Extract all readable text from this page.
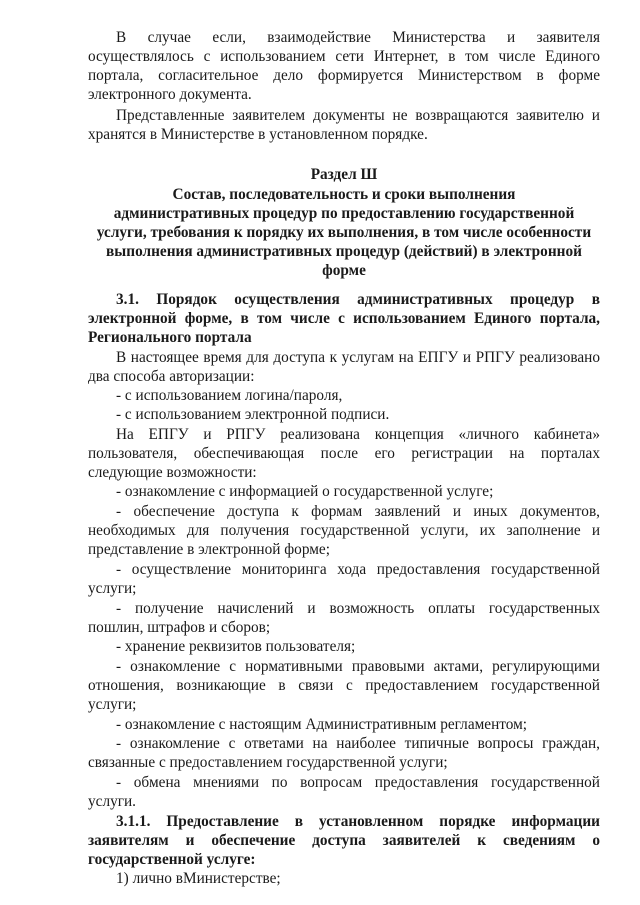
В случае если, взаимодействие Министерства и заявителя

осуществлялось с использованием сети Интернет, в том числе Единого

портала, согласительное дело формируется Министерством в форме

электронного документа.

Представленные заявителем документы не возвращаются заявителю и

хранятся в Министерстве в установленном порядке.

Раздел Ш

Состав, последовательность и сроки выполнения

административных процедур по предоставлению государственной

услуги, требования к порядку их выполнения, в том числе особенности

выполнения административных процедур (действий) в электронной

форме

3.1. Порядок осуществления административных процедур в

электронной форме, в том числе с использованием Единого портала,

Регионального портала

В настоящее время для доступа к услугам на ЕПГУ и РПГУ реализовано

два способа авторизации:

- с использованием логина/пароля,

- с использованием электронной подписи.

На ЕПГУ и РПГУ реализована концепция «личного кабинета»

пользователя, обеспечивающая после его регистрации на порталах

следующие возможности:

- ознакомление с информацией о государственной услуге;

- обеспечение доступа к формам заявлений и иных документов,

необходимых для получения государственной услуги, их заполнение и

представление в электронной форме;

- осуществление мониторинга хода предоставления государственной

услуги;

- получение начислений и возможность оплаты государственных

пошлин, штрафов и сборов;

- хранение реквизитов пользователя;

- ознакомление с нормативными правовыми актами, регулирующими

отношения, возникающие в связи с предоставлением государственной

услуги;

- ознакомление с настоящим Административным регламентом;

- ознакомление с ответами на наиболее типичные вопросы граждан,

связанные с предоставлением государственной услуги;

- обмена мнениями по вопросам предоставления государственной

услуги.

3.1.1. Предоставление в установленном порядке информации

заявителям и обеспечение доступа заявителей к сведениям о

государственной услуге:

1) лично вМинистерстве;
